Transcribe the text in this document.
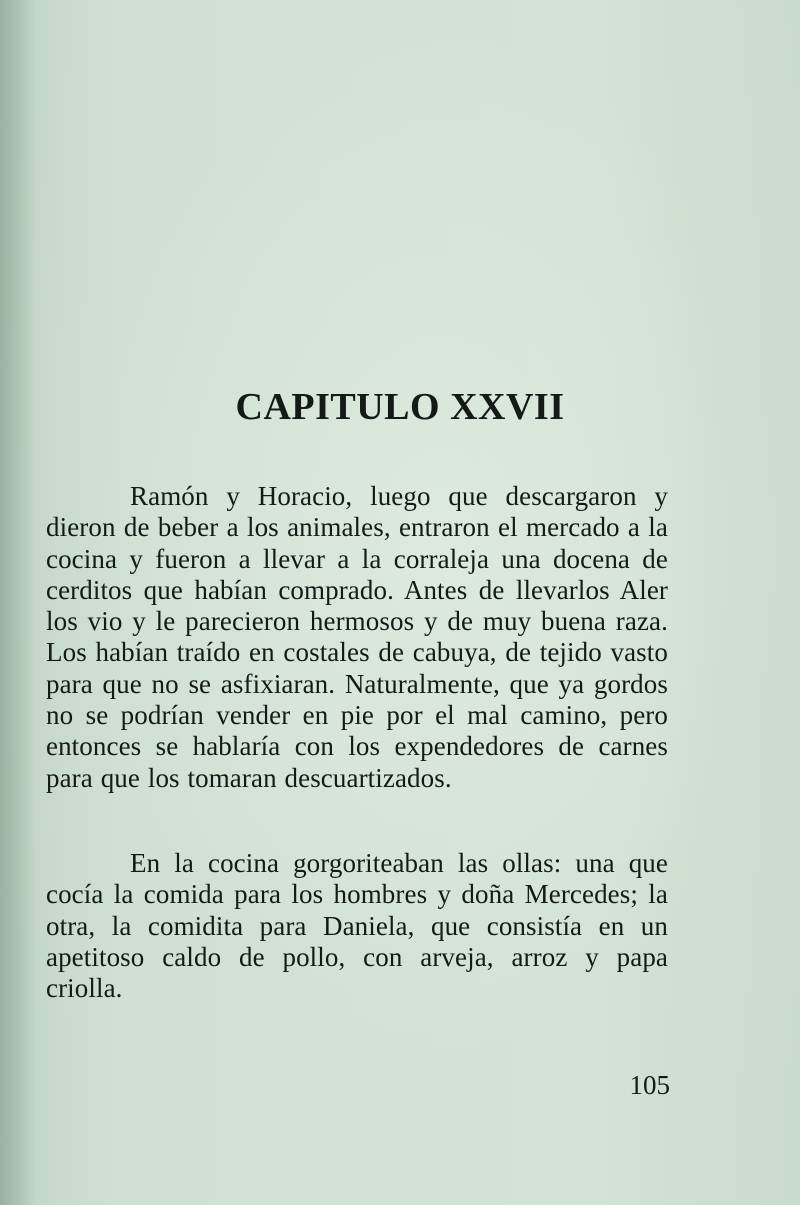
CAPITULO XXVII

Ramón y Horacio, luego que descargaron y dieron de beber a los animales, entraron el mercado a la cocina y fueron a llevar a la corraleja una docena de cerditos que habían comprado. Antes de llevarlos Aler los vio y le parecieron hermosos y de muy buena raza. Los habían traído en costales de cabuya, de tejido vasto para que no se asfixiaran. Naturalmente, que ya gordos no se podrían vender en pie por el mal camino, pero entonces se hablaría con los expendedores de carnes para que los tomaran descuartizados.

En la cocina gorgoriteaban las ollas: una que cocía la comida para los hombres y doña Mercedes; la otra, la comidita para Daniela, que consistía en un apetitoso caldo de pollo, con arveja, arroz y papa criolla.

105
